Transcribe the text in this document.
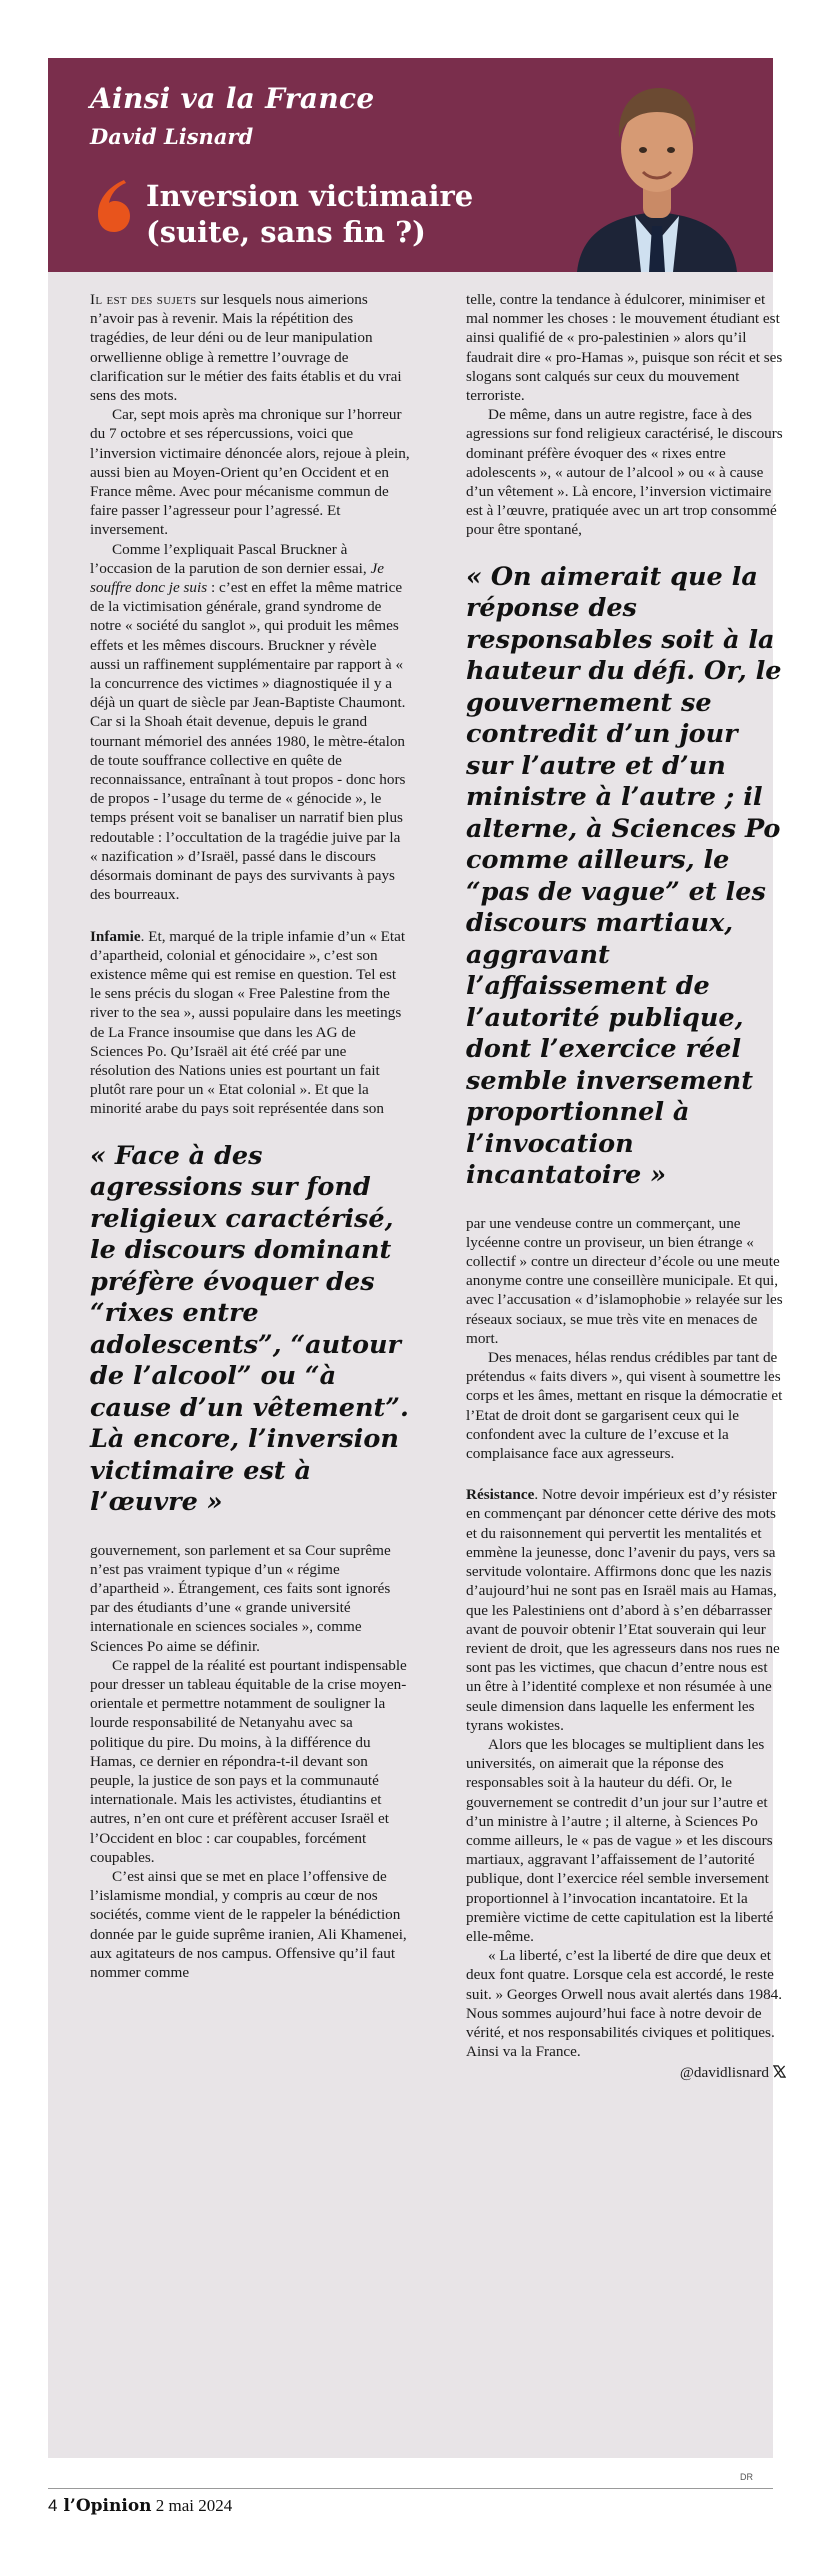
Ainsi va la France
David Lisnard
Inversion victimaire
(suite, sans fin ?)

Il est des sujets sur lesquels nous aimerions n’avoir pas à revenir. Mais la répétition des tragédies, de leur déni ou de leur manipulation orwellienne oblige à remettre l’ouvrage de clarification sur le métier des faits établis et du vrai sens des mots.

Car, sept mois après ma chronique sur l’horreur du 7 octobre et ses répercussions, voici que l’inversion victimaire dénoncée alors, rejoue à plein, aussi bien au Moyen-Orient qu’en Occident et en France même. Avec pour mécanisme commun de faire passer l’agresseur pour l’agressé. Et inversement.

Comme l’expliquait Pascal Bruckner à l’occasion de la parution de son dernier essai, Je souffre donc je suis : c’est en effet la même matrice de la victimisation générale, grand syndrome de notre « société du sanglot », qui produit les mêmes effets et les mêmes discours. Bruckner y révèle aussi un raffinement supplémentaire par rapport à « la concurrence des victimes » diagnostiquée il y a déjà un quart de siècle par Jean-Baptiste Chaumont. Car si la Shoah était devenue, depuis le grand tournant mémoriel des années 1980, le mètre-étalon de toute souffrance collective en quête de reconnaissance, entraînant à tout propos - donc hors de propos - l’usage du terme de « génocide », le temps présent voit se banaliser un narratif bien plus redoutable : l’occultation de la tragédie juive par la « nazification » d’Israël, passé dans le discours désormais dominant de pays des survivants à pays des bourreaux.

Infamie. Et, marqué de la triple infamie d’un « Etat d’apartheid, colonial et génocidaire », c’est son existence même qui est remise en question. Tel est le sens précis du slogan « Free Palestine from the river to the sea », aussi populaire dans les meetings de La France insoumise que dans les AG de Sciences Po. Qu’Israël ait été créé par une résolution des Nations unies est pourtant un fait plutôt rare pour un « Etat colonial ». Et que la minorité arabe du pays soit représentée dans son

« Face à des agressions sur fond religieux caractérisé, le discours dominant préfère évoquer des “rixes entre adolescents”, “autour de l’alcool” ou “à cause d’un vêtement”. Là encore, l’inversion victimaire est à l’œuvre »

gouvernement, son parlement et sa Cour suprême n’est pas vraiment typique d’un « régime d’apartheid ». Étrangement, ces faits sont ignorés par des étudiants d’une « grande université internationale en sciences sociales », comme Sciences Po aime se définir.

Ce rappel de la réalité est pourtant indispensable pour dresser un tableau équitable de la crise moyen-orientale et permettre notamment de souligner la lourde responsabilité de Netanyahu avec sa politique du pire. Du moins, à la différence du Hamas, ce dernier en répondra-t-il devant son peuple, la justice de son pays et la communauté internationale. Mais les activistes, étudiantins et autres, n’en ont cure et préfèrent accuser Israël et l’Occident en bloc : car coupables, forcément coupables.

C’est ainsi que se met en place l’offensive de l’islamisme mondial, y compris au cœur de nos sociétés, comme vient de le rappeler la bénédiction donnée par le guide suprême iranien, Ali Khamenei, aux agitateurs de nos campus. Offensive qu’il faut nommer comme

telle, contre la tendance à édulcorer, minimiser et mal nommer les choses : le mouvement étudiant est ainsi qualifié de « pro-palestinien » alors qu’il faudrait dire « pro-Hamas », puisque son récit et ses slogans sont calqués sur ceux du mouvement terroriste.

De même, dans un autre registre, face à des agressions sur fond religieux caractérisé, le discours dominant préfère évoquer des « rixes entre adolescents », « autour de l’alcool » ou « à cause d’un vêtement ». Là encore, l’inversion victimaire est à l’œuvre, pratiquée avec un art trop consommé pour être spontané,

« On aimerait que la réponse des responsables soit à la hauteur du défi. Or, le gouvernement se contredit d’un jour sur l’autre et d’un ministre à l’autre ; il alterne, à Sciences Po comme ailleurs, le “pas de vague” et les discours martiaux, aggravant l’affaissement de l’autorité publique, dont l’exercice réel semble inversement proportionnel à l’invocation incantatoire »

par une vendeuse contre un commerçant, une lycéenne contre un proviseur, un bien étrange « collectif » contre un directeur d’école ou une meute anonyme contre une conseillère municipale. Et qui, avec l’accusation « d’islamophobie » relayée sur les réseaux sociaux, se mue très vite en menaces de mort.

Des menaces, hélas rendus crédibles par tant de prétendus « faits divers », qui visent à soumettre les corps et les âmes, mettant en risque la démocratie et l’Etat de droit dont se gargarisent ceux qui le confondent avec la culture de l’excuse et la complaisance face aux agresseurs.

Résistance. Notre devoir impérieux est d’y résister en commençant par dénoncer cette dérive des mots et du raisonnement qui pervertit les mentalités et emmène la jeunesse, donc l’avenir du pays, vers sa servitude volontaire. Affirmons donc que les nazis d’aujourd’hui ne sont pas en Israël mais au Hamas, que les Palestiniens ont d’abord à s’en débarrasser avant de pouvoir obtenir l’Etat souverain qui leur revient de droit, que les agresseurs dans nos rues ne sont pas les victimes, que chacun d’entre nous est un être à l’identité complexe et non résumée à une seule dimension dans laquelle les enferment les tyrans wokistes.

Alors que les blocages se multiplient dans les universités, on aimerait que la réponse des responsables soit à la hauteur du défi. Or, le gouvernement se contredit d’un jour sur l’autre et d’un ministre à l’autre ; il alterne, à Sciences Po comme ailleurs, le « pas de vague » et les discours martiaux, aggravant l’affaissement de l’autorité publique, dont l’exercice réel semble inversement proportionnel à l’invocation incantatoire. Et la première victime de cette capitulation est la liberté elle-même.

« La liberté, c’est la liberté de dire que deux et deux font quatre. Lorsque cela est accordé, le reste suit. » Georges Orwell nous avait alertés dans 1984. Nous sommes aujourd’hui face à notre devoir de vérité, et nos responsabilités civiques et politiques. Ainsi va la France.

@davidlisnard
DR
4 l’Opinion 2 mai 2024
